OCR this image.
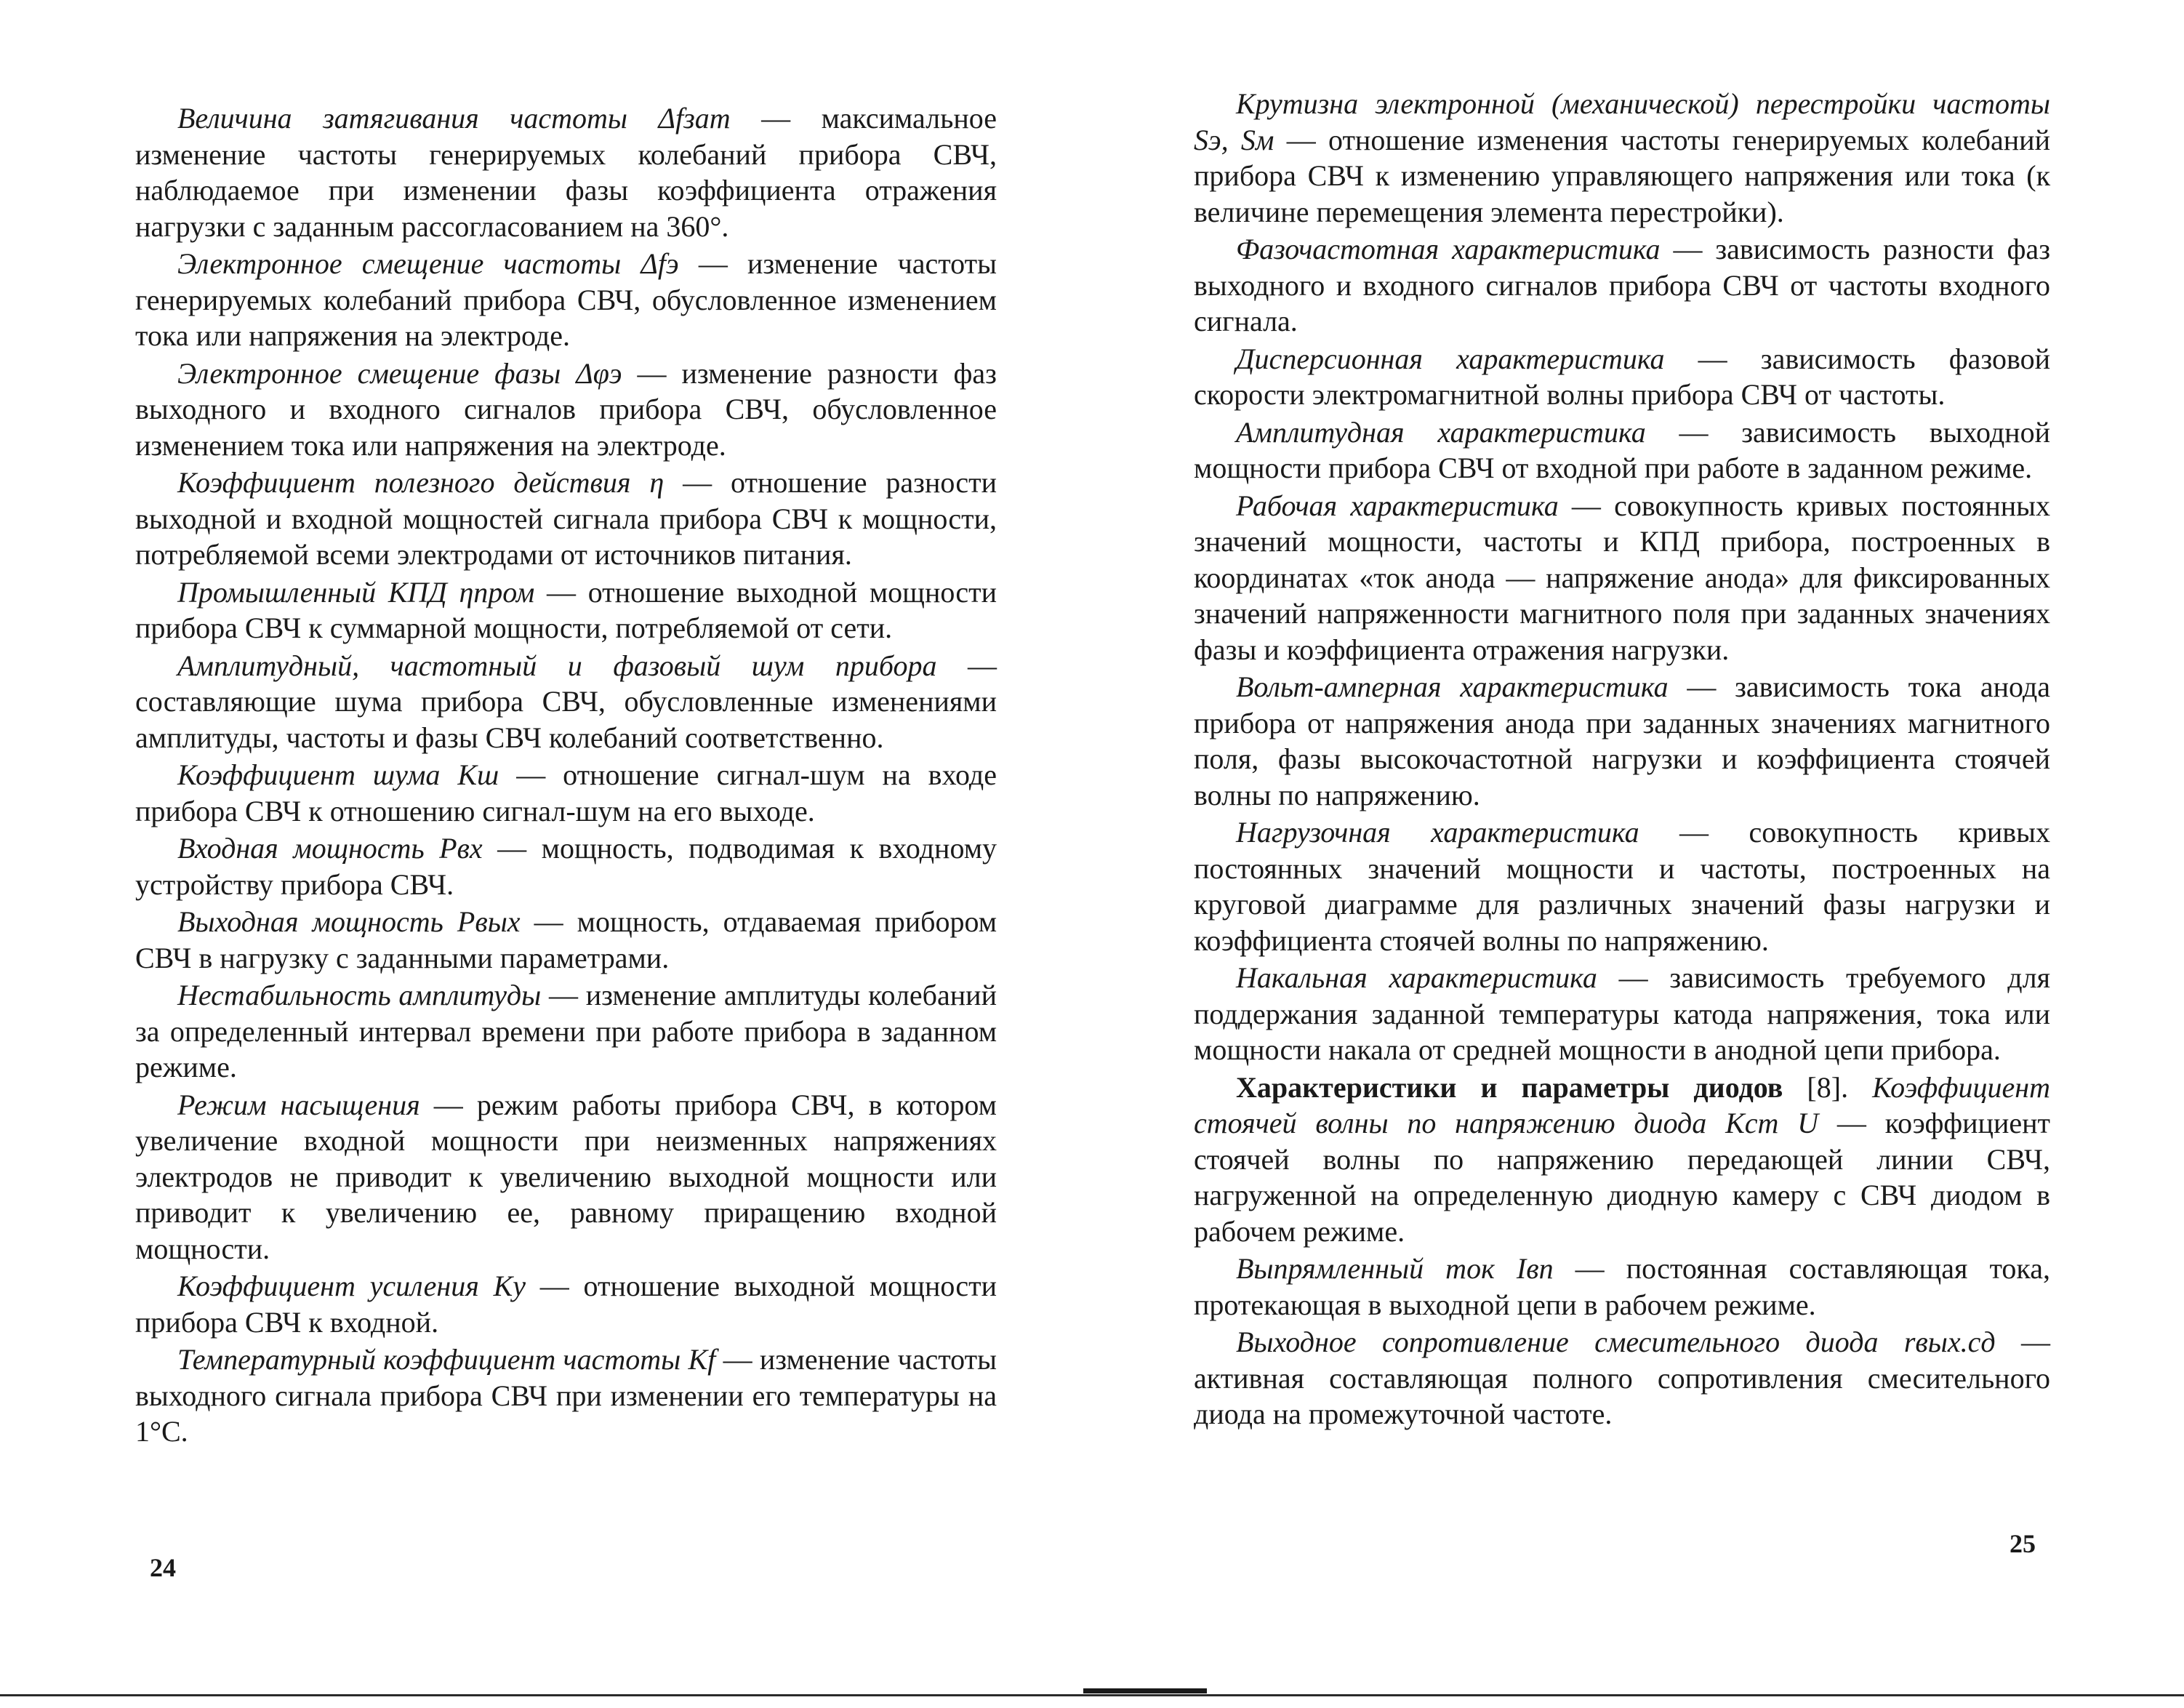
Величина затягивания частоты Δfзат — максимальное изменение частоты генерируемых колебаний прибора СВЧ, наблюдаемое при изменении фазы коэффициента отражения нагрузки с заданным рассогласованием на 360°.

Электронное смещение частоты Δfэ — изменение частоты генерируемых колебаний прибора СВЧ, обусловленное изменением тока или напряжения на электроде.

Электронное смещение фазы Δφэ — изменение разности фаз выходного и входного сигналов прибора СВЧ, обусловленное изменением тока или напряжения на электроде.

Коэффициент полезного действия η — отношение разности выходной и входной мощностей сигнала прибора СВЧ к мощности, потребляемой всеми электродами от источников питания.

Промышленный КПД ηпром — отношение выходной мощности прибора СВЧ к суммарной мощности, потребляемой от сети.

Амплитудный, частотный и фазовый шум прибора — составляющие шума прибора СВЧ, обусловленные изменениями амплитуды, частоты и фазы СВЧ колебаний соответственно.

Коэффициент шума Kш — отношение сигнал-шум на входе прибора СВЧ к отношению сигнал-шум на его выходе.

Входная мощность Pвх — мощность, подводимая к входному устройству прибора СВЧ.

Выходная мощность Pвых — мощность, отдаваемая прибором СВЧ в нагрузку с заданными параметрами.

Нестабильность амплитуды — изменение амплитуды колебаний за определенный интервал времени при работе прибора в заданном режиме.

Режим насыщения — режим работы прибора СВЧ, в котором увеличение входной мощности при неизменных напряжениях электродов не приводит к увеличению выходной мощности или приводит к увеличению ее, равному приращению входной мощности.

Коэффициент усиления Kу — отношение выходной мощности прибора СВЧ к входной.

Температурный коэффициент частоты Kf — изменение частоты выходного сигнала прибора СВЧ при изменении его температуры на 1°С.

24

Крутизна электронной (механической) перестройки частоты Sэ, Sм — отношение изменения частоты генерируемых колебаний прибора СВЧ к изменению управляющего напряжения или тока (к величине перемещения элемента перестройки).

Фазочастотная характеристика — зависимость разности фаз выходного и входного сигналов прибора СВЧ от частоты входного сигнала.

Дисперсионная характеристика — зависимость фазовой скорости электромагнитной волны прибора СВЧ от частоты.

Амплитудная характеристика — зависимость выходной мощности прибора СВЧ от входной при работе в заданном режиме.

Рабочая характеристика — совокупность кривых постоянных значений мощности, частоты и КПД прибора, построенных в координатах «ток анода — напряжение анода» для фиксированных значений напряженности магнитного поля при заданных значениях фазы и коэффициента отражения нагрузки.

Вольт-амперная характеристика — зависимость тока анода прибора от напряжения анода при заданных значениях магнитного поля, фазы высокочастотной нагрузки и коэффициента стоячей волны по напряжению.

Нагрузочная характеристика — совокупность кривых постоянных значений мощности и частоты, построенных на круговой диаграмме для различных значений фазы нагрузки и коэффициента стоячей волны по напряжению.

Накальная характеристика — зависимость требуемого для поддержания заданной температуры катода напряжения, тока или мощности накала от средней мощности в анодной цепи прибора.

Характеристики и параметры диодов [8]. Коэффициент стоячей волны по напряжению диода Kст U — коэффициент стоячей волны по напряжению передающей линии СВЧ, нагруженной на определенную диодную камеру с СВЧ диодом в рабочем режиме.

Выпрямленный ток Iвп — постоянная составляющая тока, протекающая в выходной цепи в рабочем режиме.

Выходное сопротивление смесительного диода rвых.сд — активная составляющая полного сопротивления смесительного диода на промежуточной частоте.

25
